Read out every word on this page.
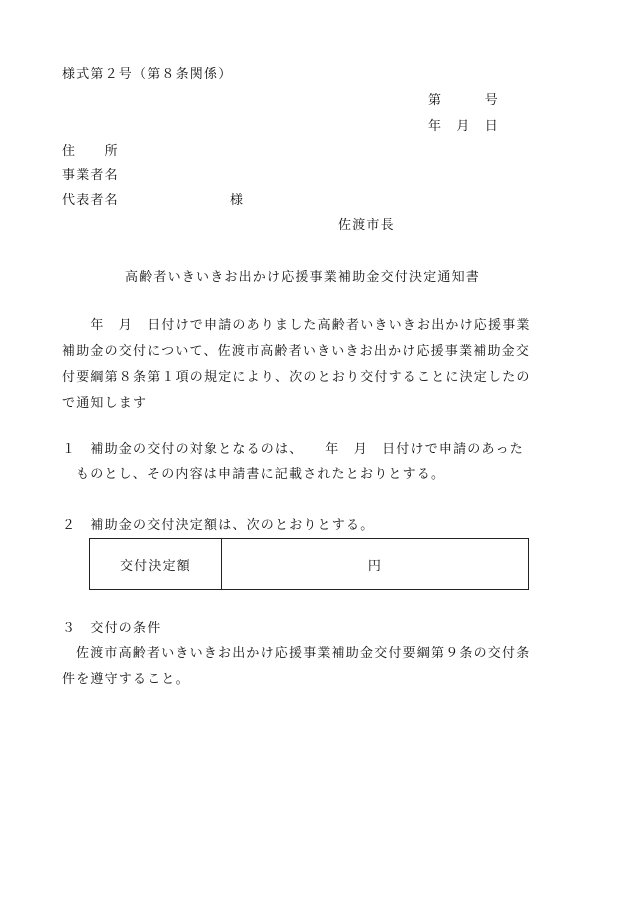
様式第２号（第８条関係）
第　　　号
年　月　日
住　　所
事業者名
代表者名	様
佐渡市長
高齢者いきいきお出かけ応援事業補助金交付決定通知書
　　年　月　日付けで申請のありました高齢者いきいきお出かけ応援事業
補助金の交付について、佐渡市高齢者いきいきお出かけ応援事業補助金交
付要綱第８条第１項の規定により、次のとおり交付することに決定したの
で通知します
１　補助金の交付の対象となるのは、　　年　月　日付けで申請のあった
ものとし、その内容は申請書に記載されたとおりとする。
２　補助金の交付決定額は、次のとおりとする。
交付決定額	円
３　交付の条件
佐渡市高齢者いきいきお出かけ応援事業補助金交付要綱第９条の交付条
件を遵守すること。
